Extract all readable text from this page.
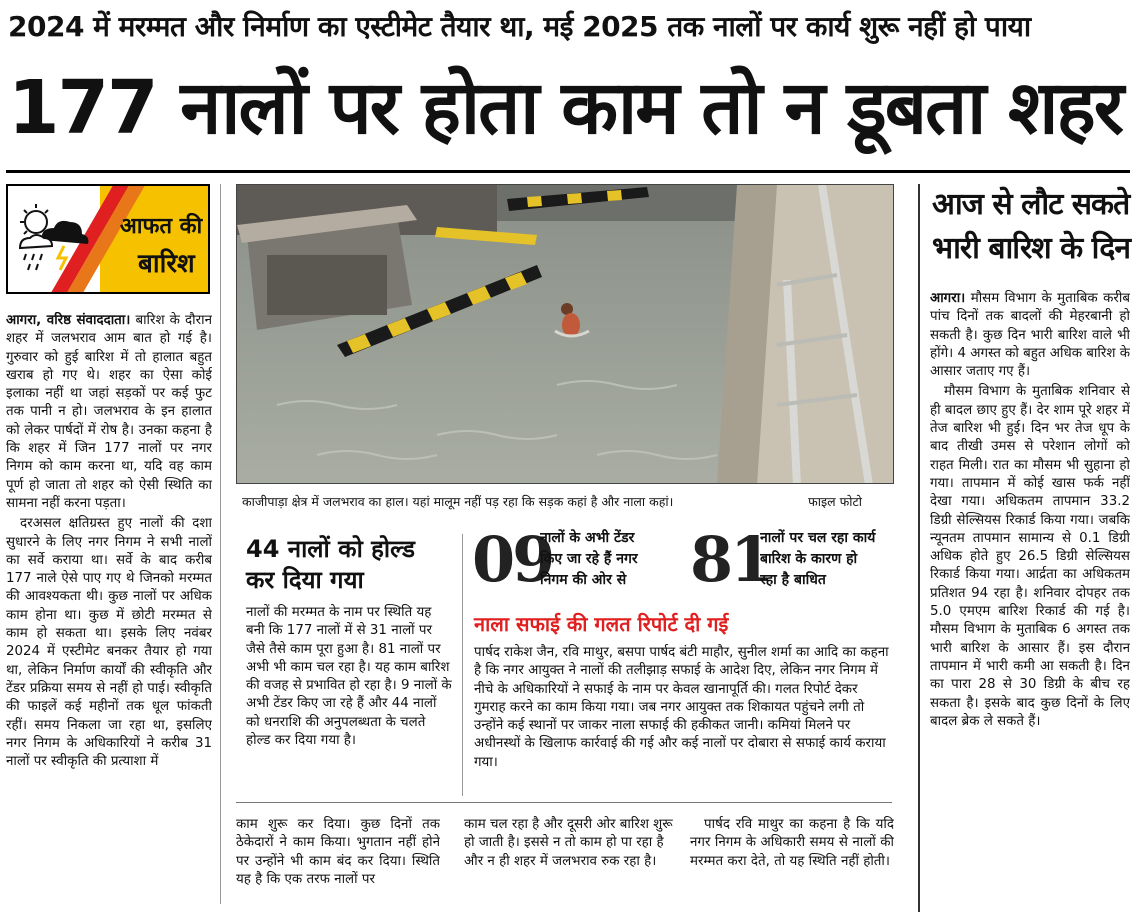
2024 में मरम्मत और निर्माण का एस्टीमेट तैयार था, मई 2025 तक नालों पर कार्य शुरू नहीं हो पाया
177 नालों पर होता काम तो न डूबता शहर
आफत की
बारिश

आगरा, वरिष्ठ संवाददाता। बारिश के दौरान शहर में जलभराव आम बात हो गई है। गुरुवार को हुई बारिश में तो हालात बहुत खराब हो गए थे। शहर का ऐसा कोई इलाका नहीं था जहां सड़कों पर कई फुट तक पानी न हो। जलभराव के इन हालात को लेकर पार्षदों में रोष है। उनका कहना है कि शहर में जिन 177 नालों पर नगर निगम को काम करना था, यदि वह काम पूर्ण हो जाता तो शहर को ऐसी स्थिति का सामना नहीं करना पड़ता।

दरअसल क्षतिग्रस्त हुए नालों की दशा सुधारने के लिए नगर निगम ने सभी नालों का सर्वे कराया था। सर्वे के बाद करीब 177 नाले ऐसे पाए गए थे जिनको मरम्मत की आवश्यकता थी। कुछ नालों पर अधिक काम होना था। कुछ में छोटी मरम्मत से काम हो सकता था। इसके लिए नवंबर 2024 में एस्टीमेट बनकर तैयार हो गया था, लेकिन निर्माण कार्यों की स्वीकृति और टेंडर प्रक्रिया समय से नहीं हो पाई। स्वीकृति की फाइलें कई महीनों तक धूल फांकती रहीं। समय निकला जा रहा था, इसलिए नगर निगम के अधिकारियों ने करीब 31 नालों पर स्वीकृति की प्रत्याशा में

काजीपाड़ा क्षेत्र में जलभराव का हाल। यहां मालूम नहीं पड़ रहा कि सड़क कहां है और नाला कहां।	फाइल फोटो
44 नालों को होल्ड
कर दिया गया
नालों की मरम्मत के नाम पर स्थिति यह बनी कि 177 नालों में से 31 नालों पर जैसे तैसे काम पूरा हुआ है। 81 नालों पर अभी भी काम चल रहा है। यह काम बारिश की वजह से प्रभावित हो रहा है। 9 नालों के अभी टेंडर किए जा रहे हैं और 44 नालों को धनराशि की अनुपलब्धता के चलते होल्ड कर दिया गया है।
09
नालों के अभी टेंडर किए जा रहे हैं नगर निगम की ओर से	81
नालों पर चल रहा कार्य बारिश के कारण हो रहा है बाधित
नाला सफाई की गलत रिपोर्ट दी गई
पार्षद राकेश जैन, रवि माथुर, बसपा पार्षद बंटी माहौर, सुनील शर्मा का आदि का कहना है कि नगर आयुक्त ने नालों की तलीझाड़ सफाई के आदेश दिए, लेकिन नगर निगम में नीचे के अधिकारियों ने सफाई के नाम पर केवल खानापूर्ति की। गलत रिपोर्ट देकर गुमराह करने का काम किया गया। जब नगर आयुक्त तक शिकायत पहुंचने लगी तो उन्होंने कई स्थानों पर जाकर नाला सफाई की हकीकत जानी। कमियां मिलने पर अधीनस्थों के खिलाफ कार्रवाई की गई और कई नालों पर दोबारा से सफाई कार्य कराया गया।
काम शुरू कर दिया। कुछ दिनों तक ठेकेदारों ने काम किया। भुगतान नहीं होने पर उन्होंने भी काम बंद कर दिया। स्थिति यह है कि एक तरफ नालों पर
काम चल रहा है और दूसरी ओर बारिश शुरू हो जाती है। इससे न तो काम हो पा रहा है और न ही शहर में जलभराव रुक रहा है।

पार्षद रवि माथुर का कहना है कि यदि नगर निगम के अधिकारी समय से नालों की मरम्मत करा देते, तो यह स्थिति नहीं होती।

आज से लौट सकते
भारी बारिश के दिन

आगरा। मौसम विभाग के मुताबिक करीब पांच दिनों तक बादलों की मेहरबानी हो सकती है। कुछ दिन भारी बारिश वाले भी होंगे। 4 अगस्त को बहुत अधिक बारिश के आसार जताए गए हैं।

मौसम विभाग के मुताबिक शनिवार से ही बादल छाए हुए हैं। देर शाम पूरे शहर में तेज बारिश भी हुई। दिन भर तेज धूप के बाद तीखी उमस से परेशान लोगों को राहत मिली। रात का मौसम भी सुहाना हो गया। तापमान में कोई खास फर्क नहीं देखा गया। अधिकतम तापमान 33.2 डिग्री सेल्सियस रिकार्ड किया गया। जबकि न्यूनतम तापमान सामान्य से 0.1 डिग्री अधिक होते हुए 26.5 डिग्री सेल्सियस रिकार्ड किया गया। आर्द्रता का अधिकतम प्रतिशत 94 रहा है। शनिवार दोपहर तक 5.0 एमएम बारिश रिकार्ड की गई है। मौसम विभाग के मुताबिक 6 अगस्त तक भारी बारिश के आसार हैं। इस दौरान तापमान में भारी कमी आ सकती है। दिन का पारा 28 से 30 डिग्री के बीच रह सकता है। इसके बाद कुछ दिनों के लिए बादल ब्रेक ले सकते हैं।
